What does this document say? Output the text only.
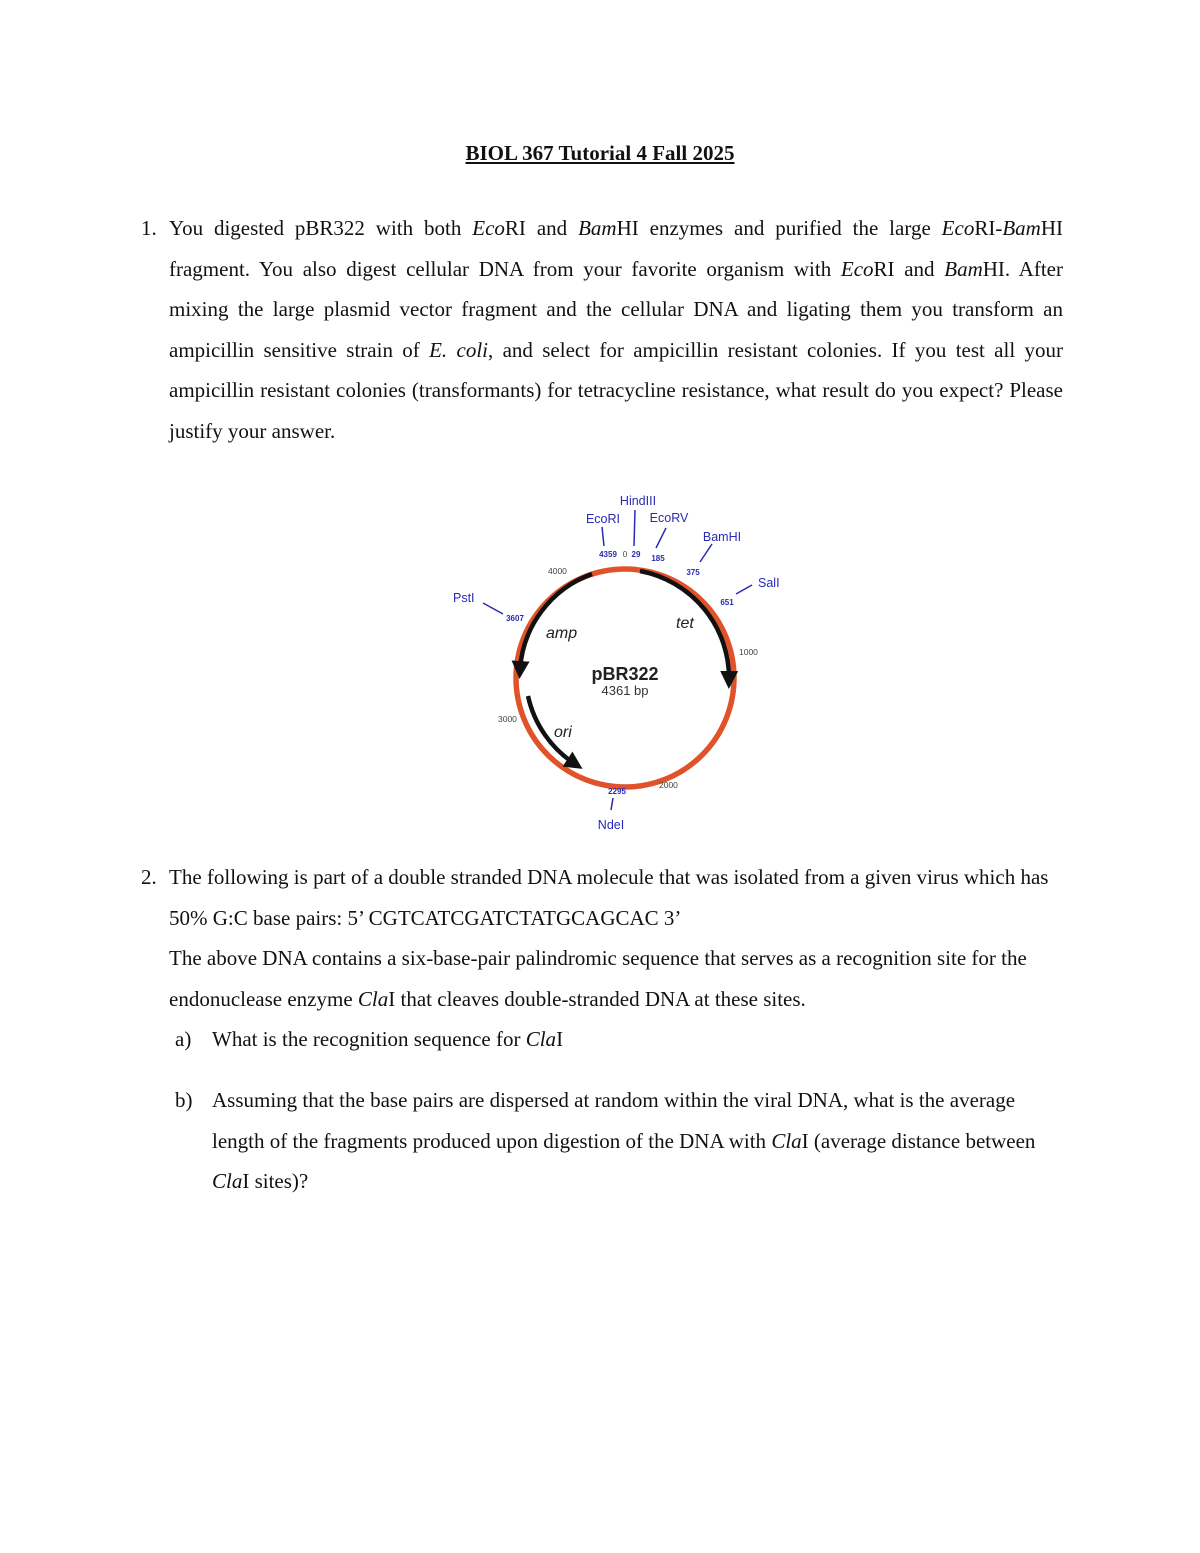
BIOL 367 Tutorial 4 Fall 2025
1. You digested pBR322 with both EcoRI and BamHI enzymes and purified the large EcoRI-BamHI fragment. You also digest cellular DNA from your favorite organism with EcoRI and BamHI. After mixing the large plasmid vector fragment and the cellular DNA and ligating them you transform an ampicillin sensitive strain of E. coli, and select for ampicillin resistant colonies. If you test all your ampicillin resistant colonies (transformants) for tetracycline resistance, what result do you expect? Please justify your answer.
amp
tet
ori
pBR322
4361 bp
1000
2000
3000
4000
EcoRI
HindIII
EcoRV
BamHI
SalI
PstI
NdeI
4359 0 29 185
375
651
3607
2295
2. The following is part of a double stranded DNA molecule that was isolated from a given virus which has 50% G:C base pairs: 5’ CGTCATCGATCTATGCAGCAC 3’
The above DNA contains a six-base-pair palindromic sequence that serves as a recognition site for the endonuclease enzyme ClaI that cleaves double-stranded DNA at these sites.
a) What is the recognition sequence for ClaI
b) Assuming that the base pairs are dispersed at random within the viral DNA, what is the average length of the fragments produced upon digestion of the DNA with ClaI (average distance between ClaI sites)?
